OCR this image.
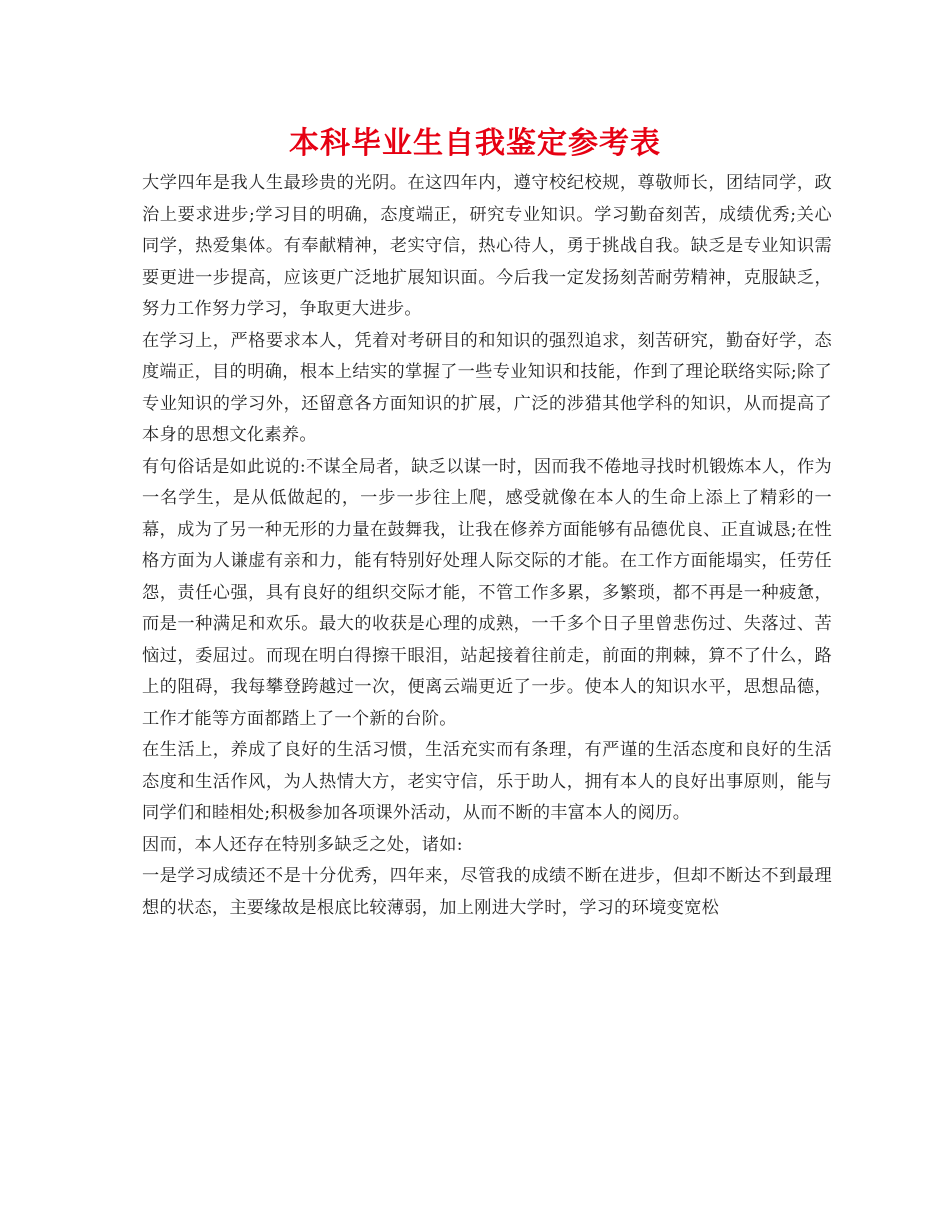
本科毕业生自我鉴定参考表

大学四年是我人生最珍贵的光阴。在这四年内，遵守校纪校规，尊敬师长，团结同学，政治上要求进步;学习目的明确，态度端正，研究专业知识。学习勤奋刻苦，成绩优秀;关心同学，热爱集体。有奉献精神，老实守信，热心待人，勇于挑战自我。缺乏是专业知识需要更进一步提高，应该更广泛地扩展知识面。今后我一定发扬刻苦耐劳精神，克服缺乏，努力工作努力学习，争取更大进步。

在学习上，严格要求本人，凭着对考研目的和知识的强烈追求，刻苦研究，勤奋好学，态度端正，目的明确，根本上结实的掌握了一些专业知识和技能，作到了理论联络实际;除了专业知识的学习外，还留意各方面知识的扩展，广泛的涉猎其他学科的知识，从而提高了本身的思想文化素养。

有句俗话是如此说的:不谋全局者，缺乏以谋一时，因而我不倦地寻找时机锻炼本人，作为一名学生，是从低做起的，一步一步往上爬，感受就像在本人的生命上添上了精彩的一幕，成为了另一种无形的力量在鼓舞我，让我在修养方面能够有品德优良、正直诚恳;在性格方面为人谦虚有亲和力，能有特别好处理人际交际的才能。在工作方面能塌实，任劳任怨，责任心强，具有良好的组织交际才能，不管工作多累，多繁琐，都不再是一种疲惫，而是一种满足和欢乐。最大的收获是心理的成熟，一千多个日子里曾悲伤过、失落过、苦恼过，委屈过。而现在明白得擦干眼泪，站起接着往前走，前面的荆棘，算不了什么，路上的阻碍，我每攀登跨越过一次，便离云端更近了一步。使本人的知识水平，思想品德，工作才能等方面都踏上了一个新的台阶。

在生活上，养成了良好的生活习惯，生活充实而有条理，有严谨的生活态度和良好的生活态度和生活作风，为人热情大方，老实守信，乐于助人，拥有本人的良好出事原则，能与同学们和睦相处;积极参加各项课外活动，从而不断的丰富本人的阅历。

因而，本人还存在特别多缺乏之处，诸如:

一是学习成绩还不是十分优秀，四年来，尽管我的成绩不断在进步，但却不断达不到最理想的状态，主要缘故是根底比较薄弱，加上刚进大学时，学习的环境变宽松
